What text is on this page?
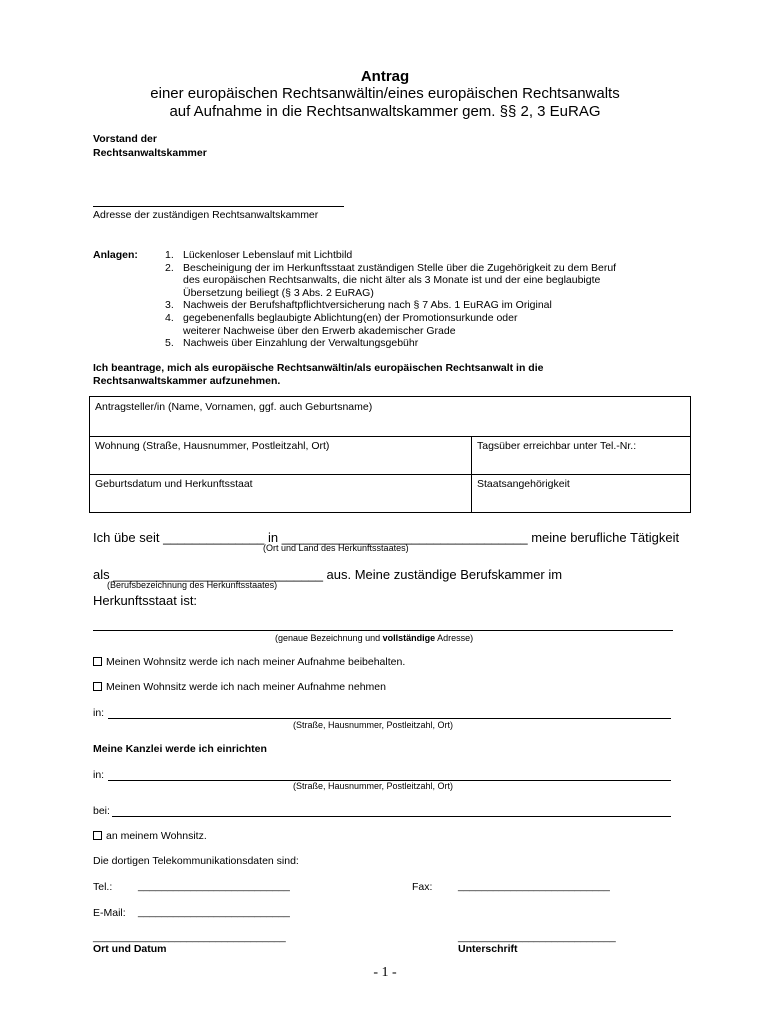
Antrag
einer europäischen Rechtsanwältin/eines europäischen Rechtsanwalts
auf Aufnahme in die Rechtsanwaltskammer gem. §§ 2, 3 EuRAG
Vorstand der
Rechtsanwaltskammer
Adresse der zuständigen Rechtsanwaltskammer
Anlagen:	1. Lückenloser Lebenslauf mit Lichtbild
2. Bescheinigung der im Herkunftsstaat zuständigen Stelle über die Zugehörigkeit zu dem Beruf
des europäischen Rechtsanwalts, die nicht älter als 3 Monate ist und der eine beglaubigte
Übersetzung beiliegt (§ 3 Abs. 2 EuRAG)
3. Nachweis der Berufshaftpflichtversicherung nach § 7 Abs. 1 EuRAG im Original
4. gegebenenfalls beglaubigte Ablichtung(en) der Promotionsurkunde oder
weiterer Nachweise über den Erwerb akademischer Grade
5. Nachweis über Einzahlung der Verwaltungsgebühr
Ich beantrage, mich als europäische Rechtsanwältin/als europäischen Rechtsanwalt in die
Rechtsanwaltskammer aufzunehmen.
Antragsteller/in (Name, Vornamen, ggf. auch Geburtsname)
Wohnung (Straße, Hausnummer, Postleitzahl, Ort)	Tagsüber erreichbar unter Tel.-Nr.:
Geburtsdatum und Herkunftsstaat	Staatsangehörigkeit
Ich übe seit ______________ in __________________________________ meine berufliche Tätigkeit
(Ort und Land des Herkunftsstaates)
als _____________________________ aus. Meine zuständige Berufskammer im
(Berufsbezeichnung des Herkunftsstaates)
Herkunftsstaat ist:
(genaue Bezeichnung und vollständige Adresse)
Meinen Wohnsitz werde ich nach meiner Aufnahme beibehalten.
Meinen Wohnsitz werde ich nach meiner Aufnahme nehmen
in:
(Straße, Hausnummer, Postleitzahl, Ort)
Meine Kanzlei werde ich einrichten
in:
(Straße, Hausnummer, Postleitzahl, Ort)
bei:
an meinem Wohnsitz.
Die dortigen Telekommunikationsdaten sind:
Tel.: __________________________	Fax: __________________________
E-Mail: __________________________
_________________________________	___________________________
Ort und Datum	Unterschrift
- 1 -
